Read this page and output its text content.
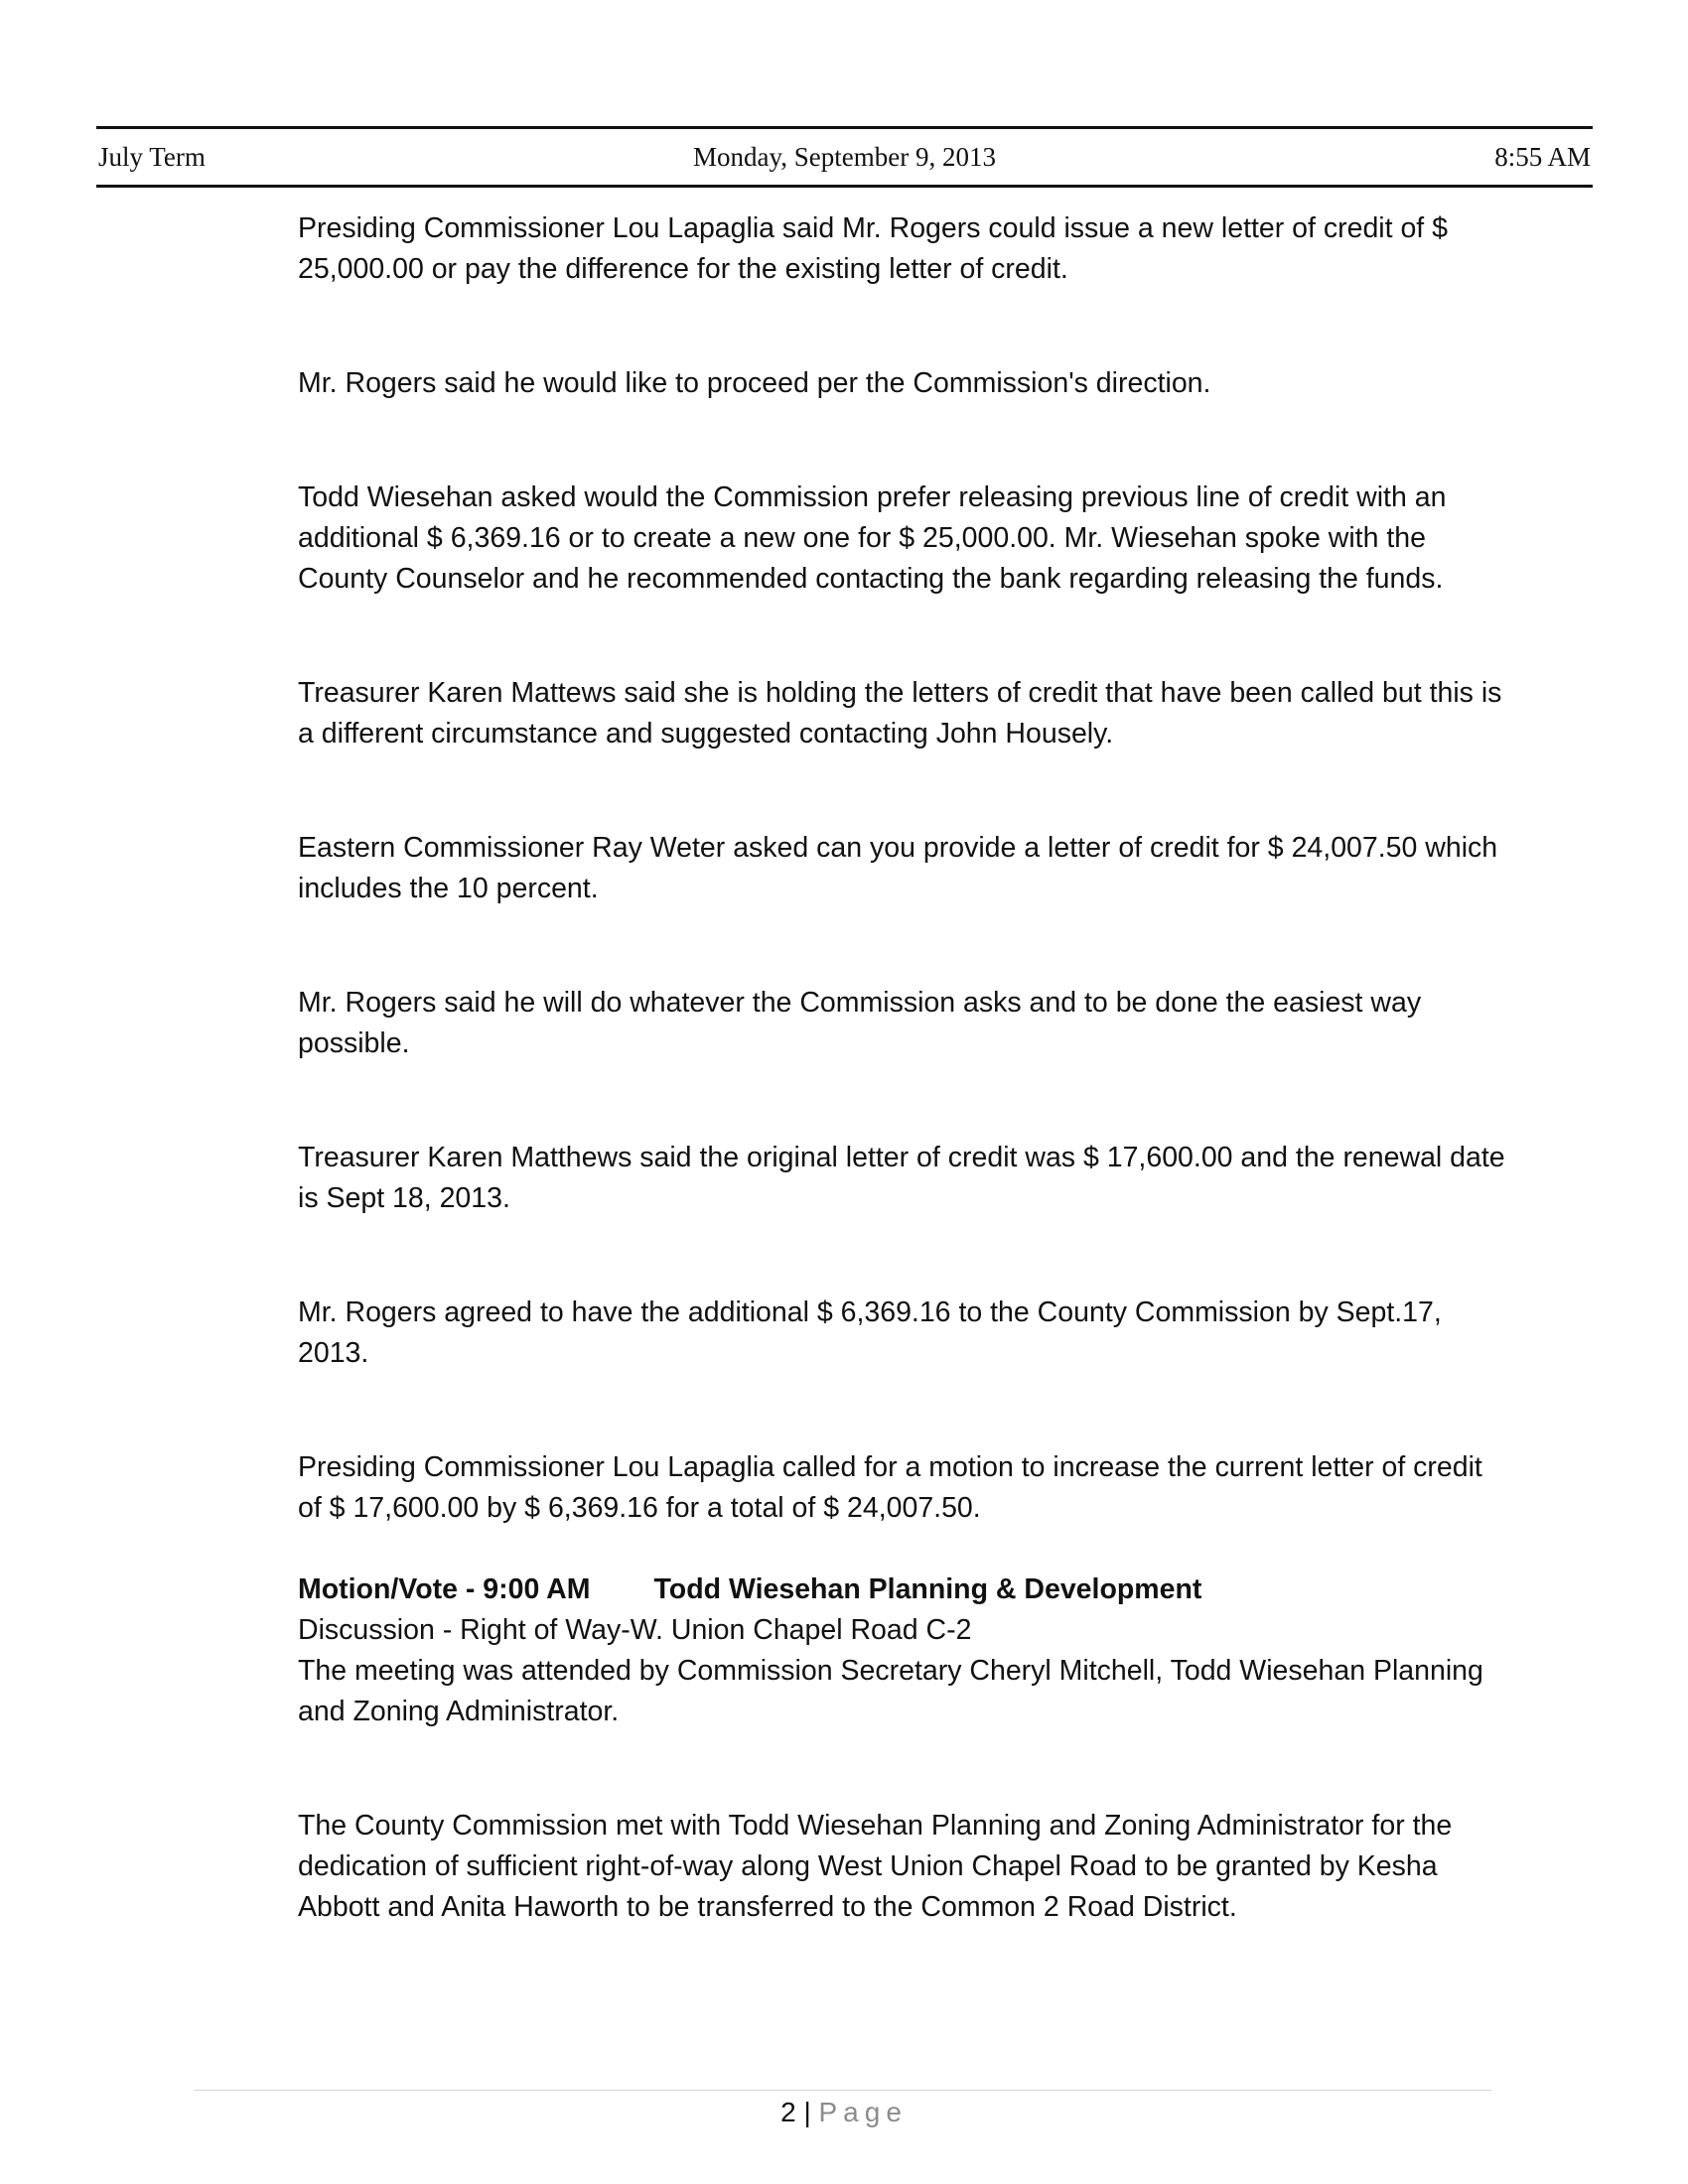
July Term	Monday, September 9, 2013	8:55 AM

Presiding Commissioner Lou Lapaglia said Mr. Rogers could issue a new letter of credit of $ 25,000.00 or pay the difference for the existing letter of credit.

Mr. Rogers said he would like to proceed per the Commission's direction.

Todd Wiesehan asked would the Commission prefer releasing previous line of credit with an additional $ 6,369.16 or to create a new one for $ 25,000.00. Mr. Wiesehan spoke with the County Counselor and he recommended contacting the bank regarding releasing the funds.

Treasurer Karen Mattews said she is holding the letters of credit that have been called but this is a different circumstance and suggested contacting John Housely.

Eastern Commissioner Ray Weter asked can you provide a letter of credit for $ 24,007.50 which includes the 10 percent.

Mr. Rogers said he will do whatever the Commission asks and to be done the easiest way possible.

Treasurer Karen Matthews said the original letter of credit was $ 17,600.00 and the renewal date is Sept 18, 2013.

Mr. Rogers agreed to have the additional $ 6,369.16 to the County Commission by Sept.17, 2013.

Presiding Commissioner Lou Lapaglia called for a motion to increase the current letter of credit of $ 17,600.00 by $ 6,369.16 for a total of $ 24,007.50.

Motion/Vote - 9:00 AM Todd Wiesehan Planning & Development

Discussion - Right of Way-W. Union Chapel Road C-2

The meeting was attended by Commission Secretary Cheryl Mitchell, Todd Wiesehan Planning and Zoning Administrator.

The County Commission met with Todd Wiesehan Planning and Zoning Administrator for the dedication of sufficient right-of-way along West Union Chapel Road to be granted by Kesha Abbott and Anita Haworth to be transferred to the Common 2 Road District.

2 | Page
